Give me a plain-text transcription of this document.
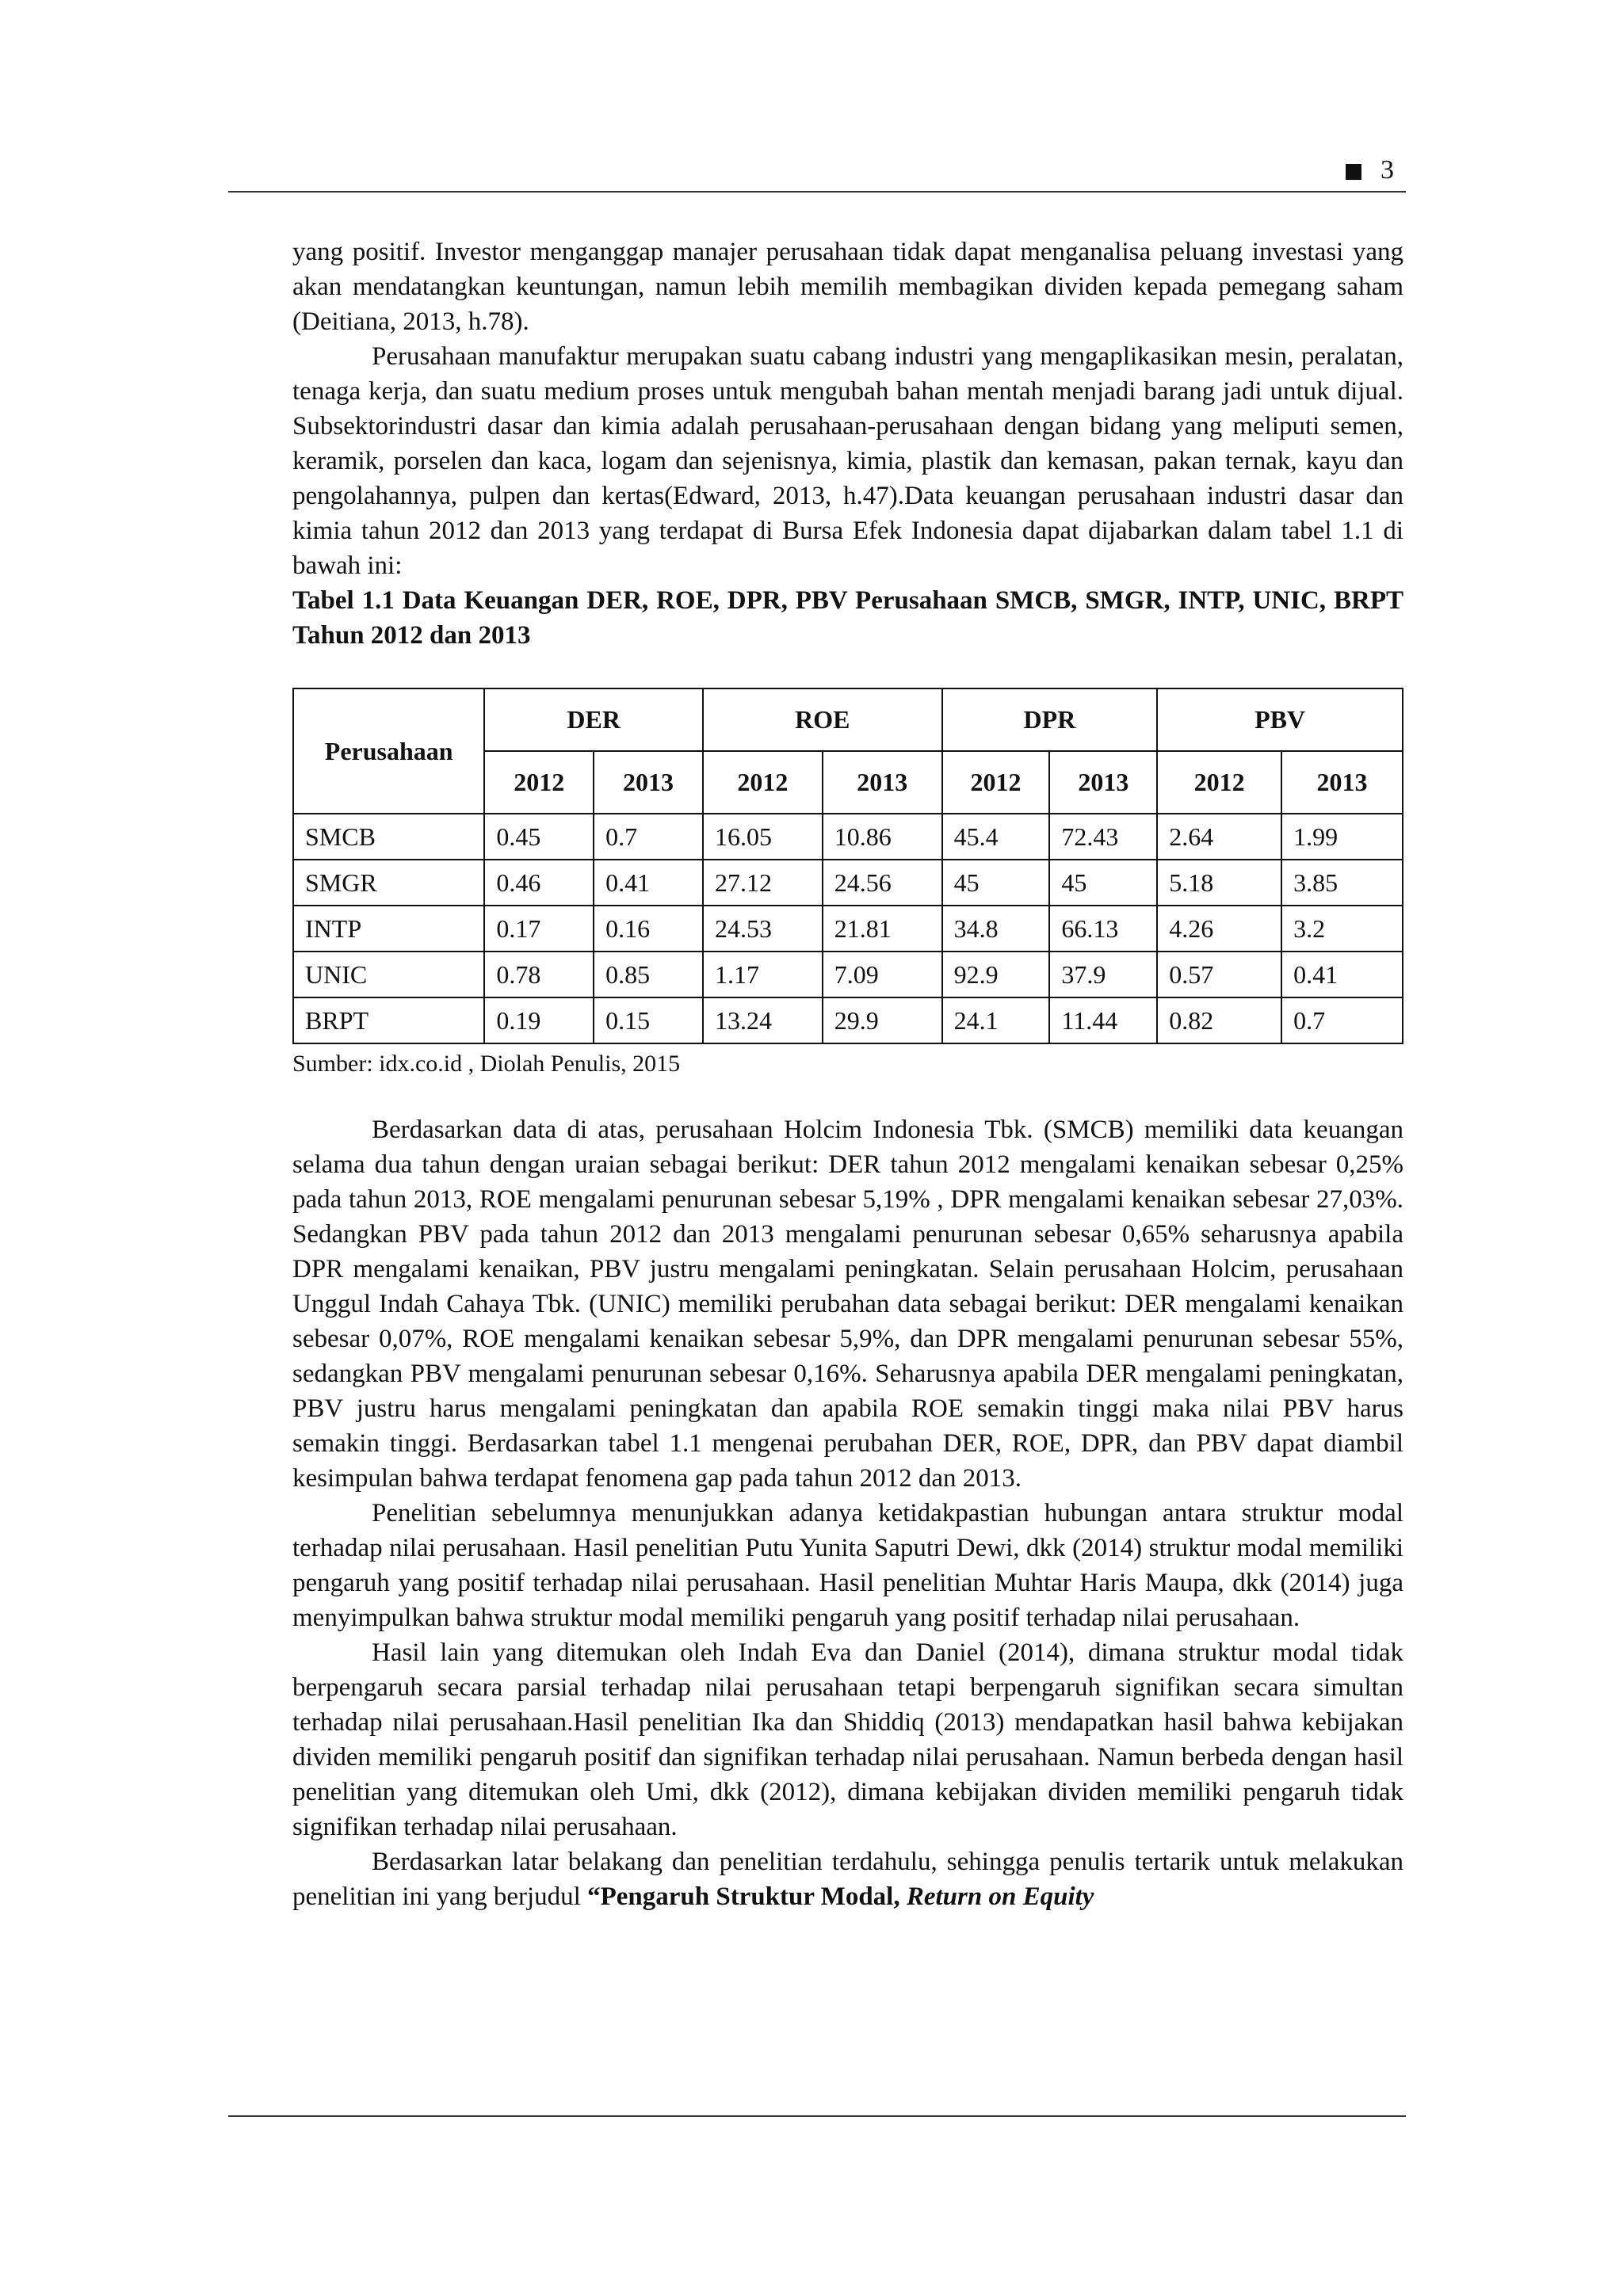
3

yang positif. Investor menganggap manajer perusahaan tidak dapat menganalisa peluang investasi yang akan mendatangkan keuntungan, namun lebih memilih membagikan dividen kepada pemegang saham (Deitiana, 2013, h.78).

Perusahaan manufaktur merupakan suatu cabang industri yang mengaplikasikan mesin, peralatan, tenaga kerja, dan suatu medium proses untuk mengubah bahan mentah menjadi barang jadi untuk dijual. Subsektorindustri dasar dan kimia adalah perusahaan-perusahaan dengan bidang yang meliputi semen, keramik, porselen dan kaca, logam dan sejenisnya, kimia, plastik dan kemasan, pakan ternak, kayu dan pengolahannya, pulpen dan kertas(Edward, 2013, h.47).Data keuangan perusahaan industri dasar dan kimia tahun 2012 dan 2013 yang terdapat di Bursa Efek Indonesia dapat dijabarkan dalam tabel 1.1 di bawah ini:

Tabel 1.1 Data Keuangan DER, ROE, DPR, PBV Perusahaan SMCB, SMGR, INTP, UNIC, BRPT Tahun 2012 dan 2013

Perusahaan	DER		ROE		DPR		PBV	
	2012	2013	2012	2013	2012	2013	2012	2013
SMCB	0.45	0.7	16.05	10.86	45.4	72.43	2.64	1.99
SMGR	0.46	0.41	27.12	24.56	45	45	5.18	3.85
INTP	0.17	0.16	24.53	21.81	34.8	66.13	4.26	3.2
UNIC	0.78	0.85	1.17	7.09	92.9	37.9	0.57	0.41
BRPT	0.19	0.15	13.24	29.9	24.1	11.44	0.82	0.7

Sumber: idx.co.id , Diolah Penulis, 2015

Berdasarkan data di atas, perusahaan Holcim Indonesia Tbk. (SMCB) memiliki data keuangan selama dua tahun dengan uraian sebagai berikut: DER tahun 2012 mengalami kenaikan sebesar 0,25% pada tahun 2013, ROE mengalami penurunan sebesar 5,19% , DPR mengalami kenaikan sebesar 27,03%. Sedangkan PBV pada tahun 2012 dan 2013 mengalami penurunan sebesar 0,65% seharusnya apabila DPR mengalami kenaikan, PBV justru mengalami peningkatan. Selain perusahaan Holcim, perusahaan Unggul Indah Cahaya Tbk. (UNIC) memiliki perubahan data sebagai berikut: DER mengalami kenaikan sebesar 0,07%, ROE mengalami kenaikan sebesar 5,9%, dan DPR mengalami penurunan sebesar 55%, sedangkan PBV mengalami penurunan sebesar 0,16%. Seharusnya apabila DER mengalami peningkatan, PBV justru harus mengalami peningkatan dan apabila ROE semakin tinggi maka nilai PBV harus semakin tinggi. Berdasarkan tabel 1.1 mengenai perubahan DER, ROE, DPR, dan PBV dapat diambil kesimpulan bahwa terdapat fenomena gap pada tahun 2012 dan 2013.

Penelitian sebelumnya menunjukkan adanya ketidakpastian hubungan antara struktur modal terhadap nilai perusahaan. Hasil penelitian Putu Yunita Saputri Dewi, dkk (2014) struktur modal memiliki pengaruh yang positif terhadap nilai perusahaan. Hasil penelitian Muhtar Haris Maupa, dkk (2014) juga menyimpulkan bahwa struktur modal memiliki pengaruh yang positif terhadap nilai perusahaan.

Hasil lain yang ditemukan oleh Indah Eva dan Daniel (2014), dimana struktur modal tidak berpengaruh secara parsial terhadap nilai perusahaan tetapi berpengaruh signifikan secara simultan terhadap nilai perusahaan.Hasil penelitian Ika dan Shiddiq (2013) mendapatkan hasil bahwa kebijakan dividen memiliki pengaruh positif dan signifikan terhadap nilai perusahaan. Namun berbeda dengan hasil penelitian yang ditemukan oleh Umi, dkk (2012), dimana kebijakan dividen memiliki pengaruh tidak signifikan terhadap nilai perusahaan.

Berdasarkan latar belakang dan penelitian terdahulu, sehingga penulis tertarik untuk melakukan penelitian ini yang berjudul “Pengaruh Struktur Modal, Return on Equity
